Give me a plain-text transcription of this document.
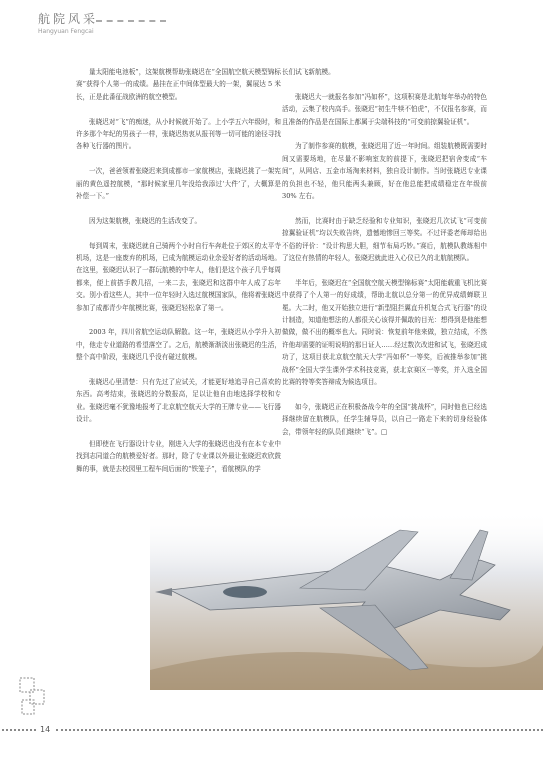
航院风采
Hangyuan Fengcai

量太阳能电池板”，这架航模帮助张晓迟在“全国航空航天模型锦标赛”获得个人第一的成绩。悬挂在正中间体型最大的一架，翼展达 5 米长，正是此番征战欧洲的航空模型。

张晓迟对“飞”的痴迷，从小时候就开始了。上小学五六年级时，和许多那个年纪的男孩子一样，张晓迟热衷从报刊等一切可能的途径寻找各种飞行器的图片。

一次，爸爸领着张晓迟来到成都市一家航模店，张晓迟挑了一架宪丽的黄色遥控航模，“那时候家里几年没给我添过‘大件’了，大概算是补偿一下。”

因为这架航模，张晓迟的生活改变了。

每到周末，张晓迟就自己骑两个小时自行车奔赴位于郊区的太平寺机场，这是一座废弃的机场，已成为航模运动业余爱好者的活动场地。在这里，张晓迟认识了一群玩航模的中年人，他们是这个孩子几乎每周都来，便上前搭手教几招，一来二去，张晓迟和这群中年人成了忘年交。别小看这些人，其中一位年轻时入选过航模国家队，他将着张晓迟参加了成都青少年航模比赛，张晓迟轻松拿了第一。

2003 年，四川省航空运动队解散。这一年，张晓迟从小学升入初中，他走专业道路的希望落空了。之后，航模渐渐淡出张晓迟的生活，整个高中阶段，张晓迟几乎没有碰过航模。

张晓迟心里清楚：只有先过了应试关，才能更好地追寻自己喜欢的东西。高考结束，张晓迟的分数报高，足以让他自由地选择学校和专业。张晓迟毫不犹豫地报考了北京航空航天大学的王牌专业——飞行器设计。

但即使在飞行器设计专业，刚进入大学的张晓迟也没有在本专业中找到志同道合的航模爱好者。那时，除了专业课以外最让张晓迟欢欣鼓舞的事，就是去校园里工程车间后面的“铁笼子”，看航模队的学

长们试飞新航模。

张晓迟大一就报名参加“冯如杯”，这项积赛是北航每年举办的特色活动，云集了校内高手。张晓迟“初生牛犊不怕虎”，不仅报名参赛，而且准备的作品是在国际上都属于尖端科技的“可变前掠翼验证机”。

为了制作参赛的航模，张晓迟用了近一年时间。组装航模既需要时间又需要场地，在尽量不影响室友的前提下，张晓迟把宿舍变成“车间”，从网店、五金市场淘来材料，独自设计制作。当时张晓迟专业课的负担也不轻，他只能两头兼顾，好在他总能把成绩稳定在年级前 30% 左右。

然而，比赛时由于缺乏经验和专业知识，张晓迟几次试飞“可变前掠翼验证机”均以失败告终，遗憾地惨回三等奖。不过评委老师却给出不俗的评价：“设计构思大胆，细节布局巧妙。”赛后，航模队教练相中了这位有热情的年轻人，张晓迟就此进入心仪已久的北航航模队。

半年后，张晓迟在“全国航空航天模型锦标赛”太阳能载重飞机比赛中获得了个人第一的好成绩，帮助北航以总分第一的优异成绩蝉联卫冕。大二时，他又开始独立进行“新型阻拦翼直升机复合式飞行器”的设计制造，知道他想法的人都很关心该得并佩敢的目光：想得到是他能想做做，做不出的概率也大。同时说：恢复前年他来做，独立结成，不然许他却需要的证明说明的那日证人……经过数次改进和试飞，张晓迟成功了，这项目获北京航空航天大学“冯如杯”一等奖，后被推举参加“挑战杯”全国大学生课外学术科技竞赛，获北京赛区一等奖，并入选全国比赛的特等奖答辩成为候选项目。

如今，张晓迟正在积极备战今年的全国“挑战杯”，同时他也已经选择继续留在航模队，任学生辅导员，以自己一路走下来的切身经验体会，带领年轻的队员们继续“飞”。□

14
